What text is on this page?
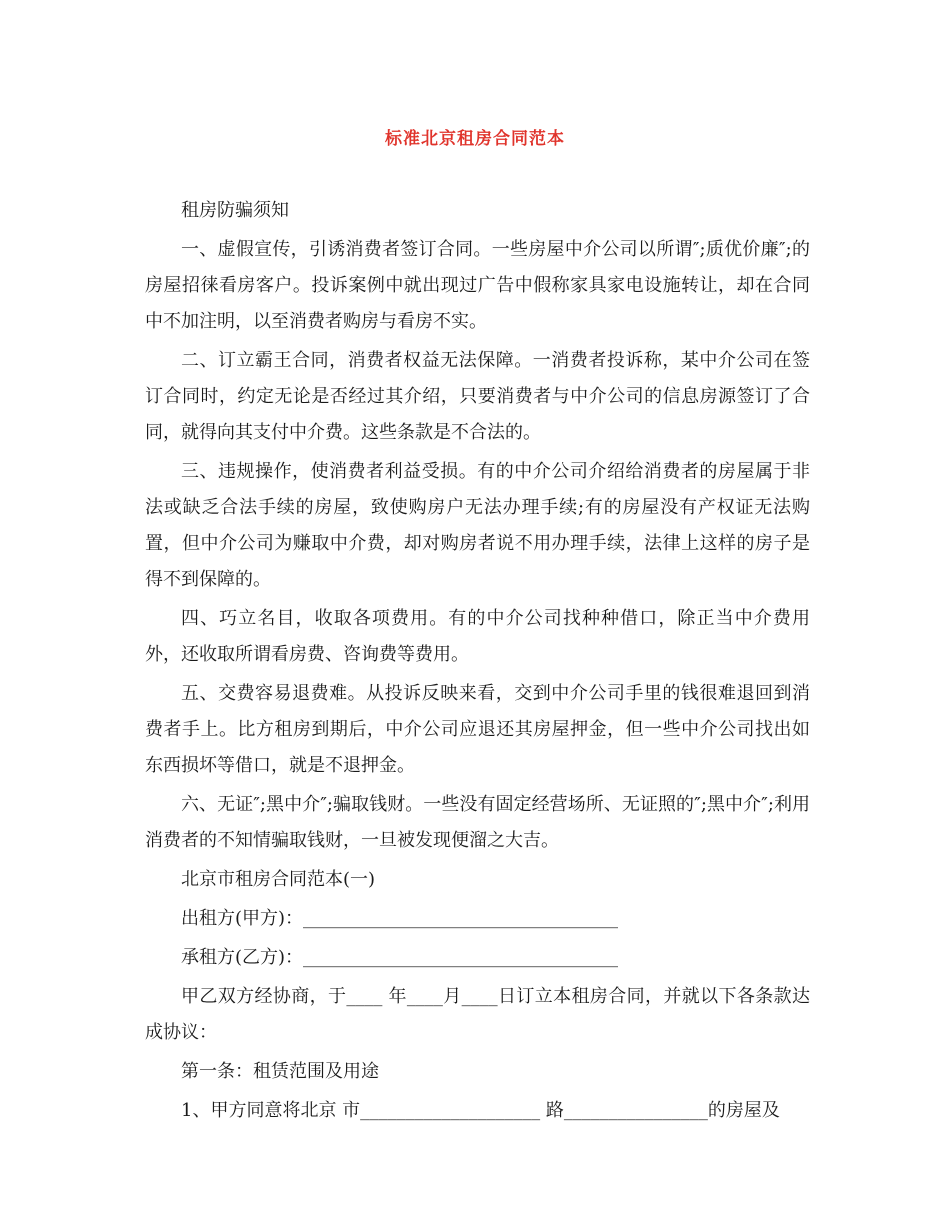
标准北京租房合同范本

租房防骗须知

一、虚假宣传，引诱消费者签订合同。一些房屋中介公司以所谓″;质优价廉″;的房屋招徕看房客户。投诉案例中就出现过广告中假称家具家电设施转让，却在合同中不加注明，以至消费者购房与看房不实。

二、订立霸王合同，消费者权益无法保障。一消费者投诉称，某中介公司在签订合同时，约定无论是否经过其介绍，只要消费者与中介公司的信息房源签订了合同，就得向其支付中介费。这些条款是不合法的。

三、违规操作，使消费者利益受损。有的中介公司介绍给消费者的房屋属于非法或缺乏合法手续的房屋，致使购房户无法办理手续;有的房屋没有产权证无法购置，但中介公司为赚取中介费，却对购房者说不用办理手续，法律上这样的房子是得不到保障的。

四、巧立名目，收取各项费用。有的中介公司找种种借口，除正当中介费用外，还收取所谓看房费、咨询费等费用。

五、交费容易退费难。从投诉反映来看，交到中介公司手里的钱很难退回到消费者手上。比方租房到期后，中介公司应退还其房屋押金，但一些中介公司找出如东西损坏等借口，就是不退押金。

六、无证″;黑中介″;骗取钱财。一些没有固定经营场所、无证照的″;黑中介″;利用消费者的不知情骗取钱财，一旦被发现便溜之大吉。

北京市租房合同范本(一)

出租方(甲方)：___________________________________

承租方(乙方)：___________________________________

甲乙双方经协商，于____ 年____月____日订立本租房合同，并就以下各条款达成协议：

第一条：租赁范围及用途

1、甲方同意将北京 市____________________ 路________________的房屋及
